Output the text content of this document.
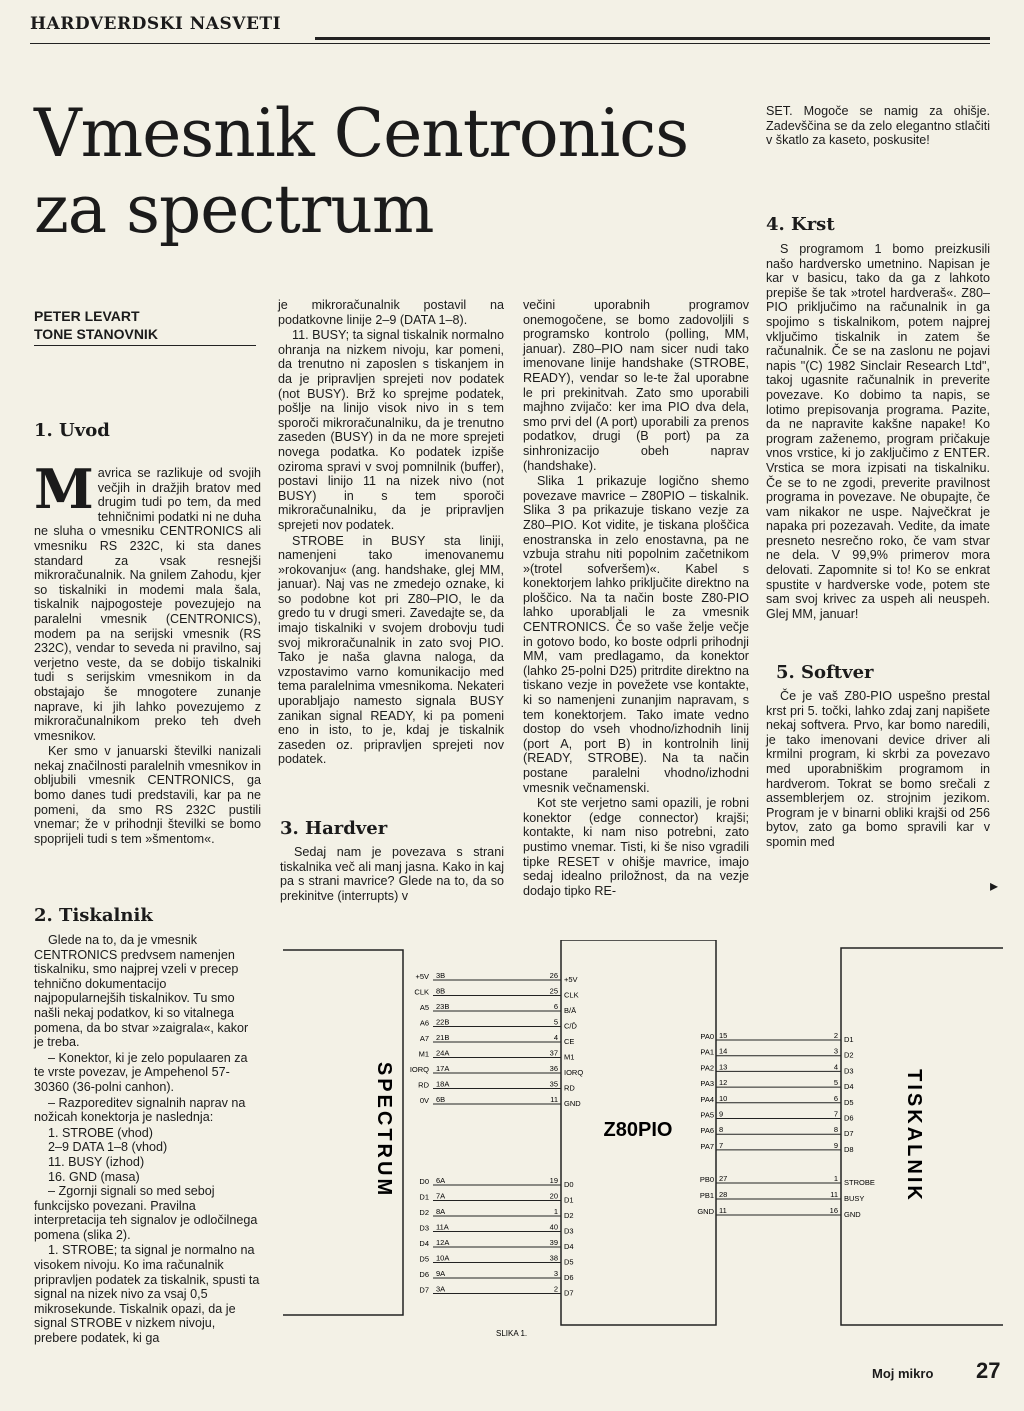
HARDVERDSKI NASVETI
Vmesnik Centronics
za spectrum
PETER LEVART
TONE STANOVNIK
1. Uvod

Mavrica se razlikuje od svojih večjih in dražjih bratov med drugim tudi po tem, da med tehničnimi podatki ni ne duha ne sluha o vmesniku CENTRONICS ali vmesniku RS 232C, ki sta danes standard za vsak resnejši mikroračunalnik. Na gnilem Zahodu, kjer so tiskalniki in modemi mala šala, tiskalnik najpogosteje povezujejo na paralelni vmesnik (CENTRONICS), modem pa na serijski vmesnik (RS 232C), vendar to seveda ni pravilno, saj verjetno veste, da se dobijo tiskalniki tudi s serijskim vmesnikom in da obstajajo še mnogotere zunanje naprave, ki jih lahko povezujemo z mikroračunalnikom preko teh dveh vmesnikov.

Ker smo v januarski številki nanizali nekaj značilnosti paralelnih vmesnikov in obljubili vmesnik CENTRONICS, ga bomo danes tudi predstavili, kar pa ne pomeni, da smo RS 232C pustili vnemar; že v prihodnji številki se bomo spoprijeli tudi s tem »šmentom«.

2. Tiskalnik

Glede na to, da je vmesnik CENTRONICS predvsem namenjen tiskalniku, smo najprej vzeli v precep tehnično dokumentacijo najpopularnejših tiskalnikov. Tu smo našli nekaj podatkov, ki so vitalnega pomena, da bo stvar »zaigrala«, kakor je treba.

– Konektor, ki je zelo populaaren za te vrste povezav, je Ampehenol 57-30360 (36-polni canhon).

– Razporeditev signalnih naprav na nožicah konektorja je naslednja:

1. STROBE (vhod)
2–9 DATA 1–8 (vhod)
11. BUSY (izhod)
16. GND (masa)

– Zgornji signali so med seboj funkcijsko povezani. Pravilna interpretacija teh signalov je odločilnega pomena (slika 2).

1. STROBE; ta signal je normalno na visokem nivoju. Ko ima računalnik pripravljen podatek za tiskalnik, spusti ta signal na nizek nivo za vsaj 0,5 mikrosekunde. Tiskalnik opazi, da je signal STROBE v nizkem nivoju, prebere podatek, ki ga

je mikroračunalnik postavil na podatkovne linije 2–9 (DATA 1–8).

11. BUSY; ta signal tiskalnik normalno ohranja na nizkem nivoju, kar pomeni, da trenutno ni zaposlen s tiskanjem in da je pripravljen sprejeti nov podatek (not BUSY). Brž ko sprejme podatek, pošlje na linijo visok nivo in s tem sporoči mikroračunalniku, da je trenutno zaseden (BUSY) in da ne more sprejeti novega podatka. Ko podatek izpiše oziroma spravi v svoj pomnilnik (buffer), postavi linijo 11 na nizek nivo (not BUSY) in s tem sporoči mikroračunalniku, da je pripravljen sprejeti nov podatek.

STROBE in BUSY sta liniji, namenjeni tako imenovanemu »rokovanju« (ang. handshake, glej MM, januar). Naj vas ne zmedejo oznake, ki so podobne kot pri Z80–PIO, le da gredo tu v drugi smeri. Zavedajte se, da imajo tiskalniki v svojem drobovju tudi svoj mikroračunalnik in zato svoj PIO. Tako je naša glavna naloga, da vzpostavimo varno komunikacijo med tema paralelnima vmesnikoma. Nekateri uporabljajo namesto signala BUSY zanikan signal READY, ki pa pomeni eno in isto, to je, kdaj je tiskalnik zaseden oz. pripravljen sprejeti nov podatek.

3. Hardver

Sedaj nam je povezava s strani tiskalnika več ali manj jasna. Kako in kaj pa s strani mavrice? Glede na to, da so prekinitve (interrupts) v

večini uporabnih programov onemogočene, se bomo zadovoljili s programsko kontrolo (polling, MM, januar). Z80–PIO nam sicer nudi tako imenovane linije handshake (STROBE, READY), vendar so le-te žal uporabne le pri prekinitvah. Zato smo uporabili majhno zvijačo: ker ima PIO dva dela, smo prvi del (A port) uporabili za prenos podatkov, drugi (B port) pa za sinhronizacijo obeh naprav (handshake).

Slika 1 prikazuje logično shemo povezave mavrice – Z80PIO – tiskalnik. Slika 3 pa prikazuje tiskano vezje za Z80–PIO. Kot vidite, je tiskana ploščica enostranska in zelo enostavna, pa ne vzbuja strahu niti popolnim začetnikom »(trotel sofveršem)«. Kabel s konektorjem lahko priključite direktno na ploščico. Na ta način boste Z80-PIO lahko uporabljali le za vmesnik CENTRONICS. Če so vaše želje večje in gotovo bodo, ko boste odprli prihodnji MM, vam predlagamo, da konektor (lahko 25-polni D25) pritrdite direktno na tiskano vezje in povežete vse kontakte, ki so namenjeni zunanjim napravam, s tem konektorjem. Tako imate vedno dostop do vseh vhodno/izhodnih linij (port A, port B) in kontrolnih linij (READY, STROBE). Na ta način postane paralelni vhodno/izhodni vmesnik večnamenski.

Kot ste verjetno sami opazili, je robni konektor (edge connector) krajši; kontakte, ki nam niso potrebni, zato pustimo vnemar. Tisti, ki še niso vgradili tipke RESET v ohišje mavrice, imajo sedaj idealno priložnost, da na vezje dodajo tipko RE-

SET. Mogoče se namig za ohišje. Zadevščina se da zelo elegantno stlačiti v škatlo za kaseto, poskusite!

4. Krst

S programom 1 bomo preizkusili našo hardversko umetnino. Napisan je kar v basicu, tako da ga z lahkoto prepiše še tak »trotel hardveraš«. Z80–PIO priključimo na računalnik in ga spojimo s tiskalnikom, potem najprej vključimo tiskalnik in zatem še računalnik. Če se na zaslonu ne pojavi napis "(C) 1982 Sinclair Research Ltd", takoj ugasnite računalnik in preverite povezave. Ko dobimo ta napis, se lotimo prepisovanja programa. Pazite, da ne napravite kakšne napake! Ko program zaženemo, program pričakuje vnos vrstice, ki jo zaključimo z ENTER. Vrstica se mora izpisati na tiskalniku. Če se to ne zgodi, preverite pravilnost programa in povezave. Ne obupajte, če vam nikakor ne uspe. Največkrat je napaka pri pozezavah. Vedite, da imate presneto nesrečno roko, če vam stvar ne dela. V 99,9% primerov mora delovati. Zapomnite si to! Ko se enkrat spustite v hardverske vode, potem ste sam svoj krivec za uspeh ali neuspeh. Glej MM, januar!

5. Softver

Če je vaš Z80-PIO uspešno prestal krst pri 5. točki, lahko zdaj zanj napišete nekaj softvera. Prvo, kar bomo naredili, je tako imenovani device driver ali krmilni program, ki skrbi za povezavo med uporabniškim programom in hardverom. Tokrat se bomo srečali z assemblerjem oz. strojnim jezikom. Program je v binarni obliki krajši od 256 bytov, zato ga bomo spravili kar v spomin med

▸
SPECTRUM	Z80PIO	TISKALNIK
SLIKA 1.
+5V 3B	26 +5V
CLK 8B	25 CLK
A5 23B	6 B/Ā
A6 22B	5 C/D̄
A7 21B	4 CE
M1 24A	37 M1
IORQ 17A	36 IORQ
RD 18A	35 RD
0V 6B	11 GND
D0 6A	19 D0
D1 7A	20 D1
D2 8A	1 D2
D3 11A	40 D3
D4 12A	39 D4
D5 10A	38 D5
D6 9A	3 D6
D7 3A	2 D7
PA0 15	2 D1
PA1 14	3 D2
PA2 13	4 D3
PA3 12	5 D4
PA4 10	6 D5
PA5 9	7 D6
PA6 8	8 D7
PA7 7	9 D8
PB0 27	1 STROBE
PB1 28	11 BUSY
GND 11	16 GND
Moj mikro 27
